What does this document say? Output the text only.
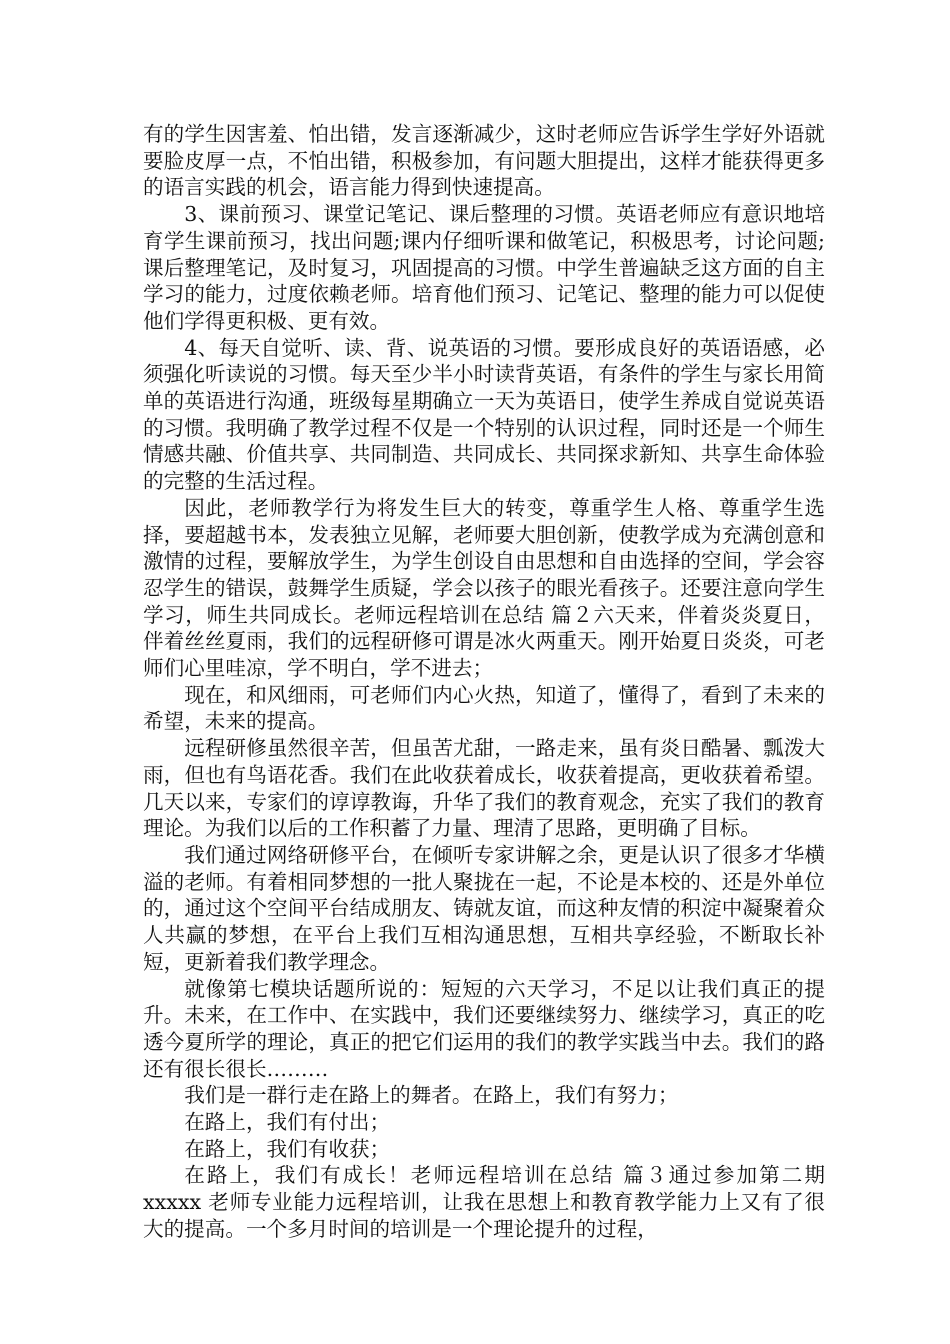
有的学生因害羞、怕出错，发言逐渐减少，这时老师应告诉学生学好外语就要脸皮厚一点，不怕出错，积极参加，有问题大胆提出，这样才能获得更多的语言实践的机会，语言能力得到快速提高。

3、课前预习、课堂记笔记、课后整理的习惯。英语老师应有意识地培育学生课前预习，找出问题;课内仔细听课和做笔记，积极思考，讨论问题;课后整理笔记，及时复习，巩固提高的习惯。中学生普遍缺乏这方面的自主学习的能力，过度依赖老师。培育他们预习、记笔记、整理的能力可以促使他们学得更积极、更有效。

4、每天自觉听、读、背、说英语的习惯。要形成良好的英语语感，必须强化听读说的习惯。每天至少半小时读背英语，有条件的学生与家长用简单的英语进行沟通，班级每星期确立一天为英语日，使学生养成自觉说英语的习惯。我明确了教学过程不仅是一个特别的认识过程，同时还是一个师生情感共融、价值共享、共同制造、共同成长、共同探求新知、共享生命体验的完整的生活过程。

因此，老师教学行为将发生巨大的转变，尊重学生人格、尊重学生选择，要超越书本，发表独立见解，老师要大胆创新，使教学成为充满创意和激情的过程，要解放学生，为学生创设自由思想和自由选择的空间，学会容忍学生的错误，鼓舞学生质疑，学会以孩子的眼光看孩子。还要注意向学生学习，师生共同成长。老师远程培训在总结 篇２六天来，伴着炎炎夏日，伴着丝丝夏雨，我们的远程研修可谓是冰火两重天。刚开始夏日炎炎，可老师们心里哇凉，学不明白，学不进去；

现在，和风细雨，可老师们内心火热，知道了，懂得了，看到了未来的希望，未来的提高。

远程研修虽然很辛苦，但虽苦尤甜，一路走来，虽有炎日酷暑、瓢泼大雨，但也有鸟语花香。我们在此收获着成长，收获着提高，更收获着希望。几天以来，专家们的谆谆教诲，升华了我们的教育观念，充实了我们的教育理论。为我们以后的工作积蓄了力量、理清了思路，更明确了目标。

我们通过网络研修平台，在倾听专家讲解之余，更是认识了很多才华横溢的老师。有着相同梦想的一批人聚拢在一起，不论是本校的、还是外单位的，通过这个空间平台结成朋友、铸就友谊，而这种友情的积淀中凝聚着众人共赢的梦想，在平台上我们互相沟通思想，互相共享经验，不断取长补短，更新着我们教学理念。

就像第七模块话题所说的：短短的六天学习，不足以让我们真正的提升。未来，在工作中、在实践中，我们还要继续努力、继续学习，真正的吃透今夏所学的理论，真正的把它们运用的我们的教学实践当中去。我们的路还有很长很长………

我们是一群行走在路上的舞者。在路上，我们有努力；

在路上，我们有付出；

在路上，我们有收获；

在路上，我们有成长！老师远程培训在总结 篇３通过参加第二期 xxxxx 老师专业能力远程培训，让我在思想上和教育教学能力上又有了很大的提高。一个多月时间的培训是一个理论提升的过程，
